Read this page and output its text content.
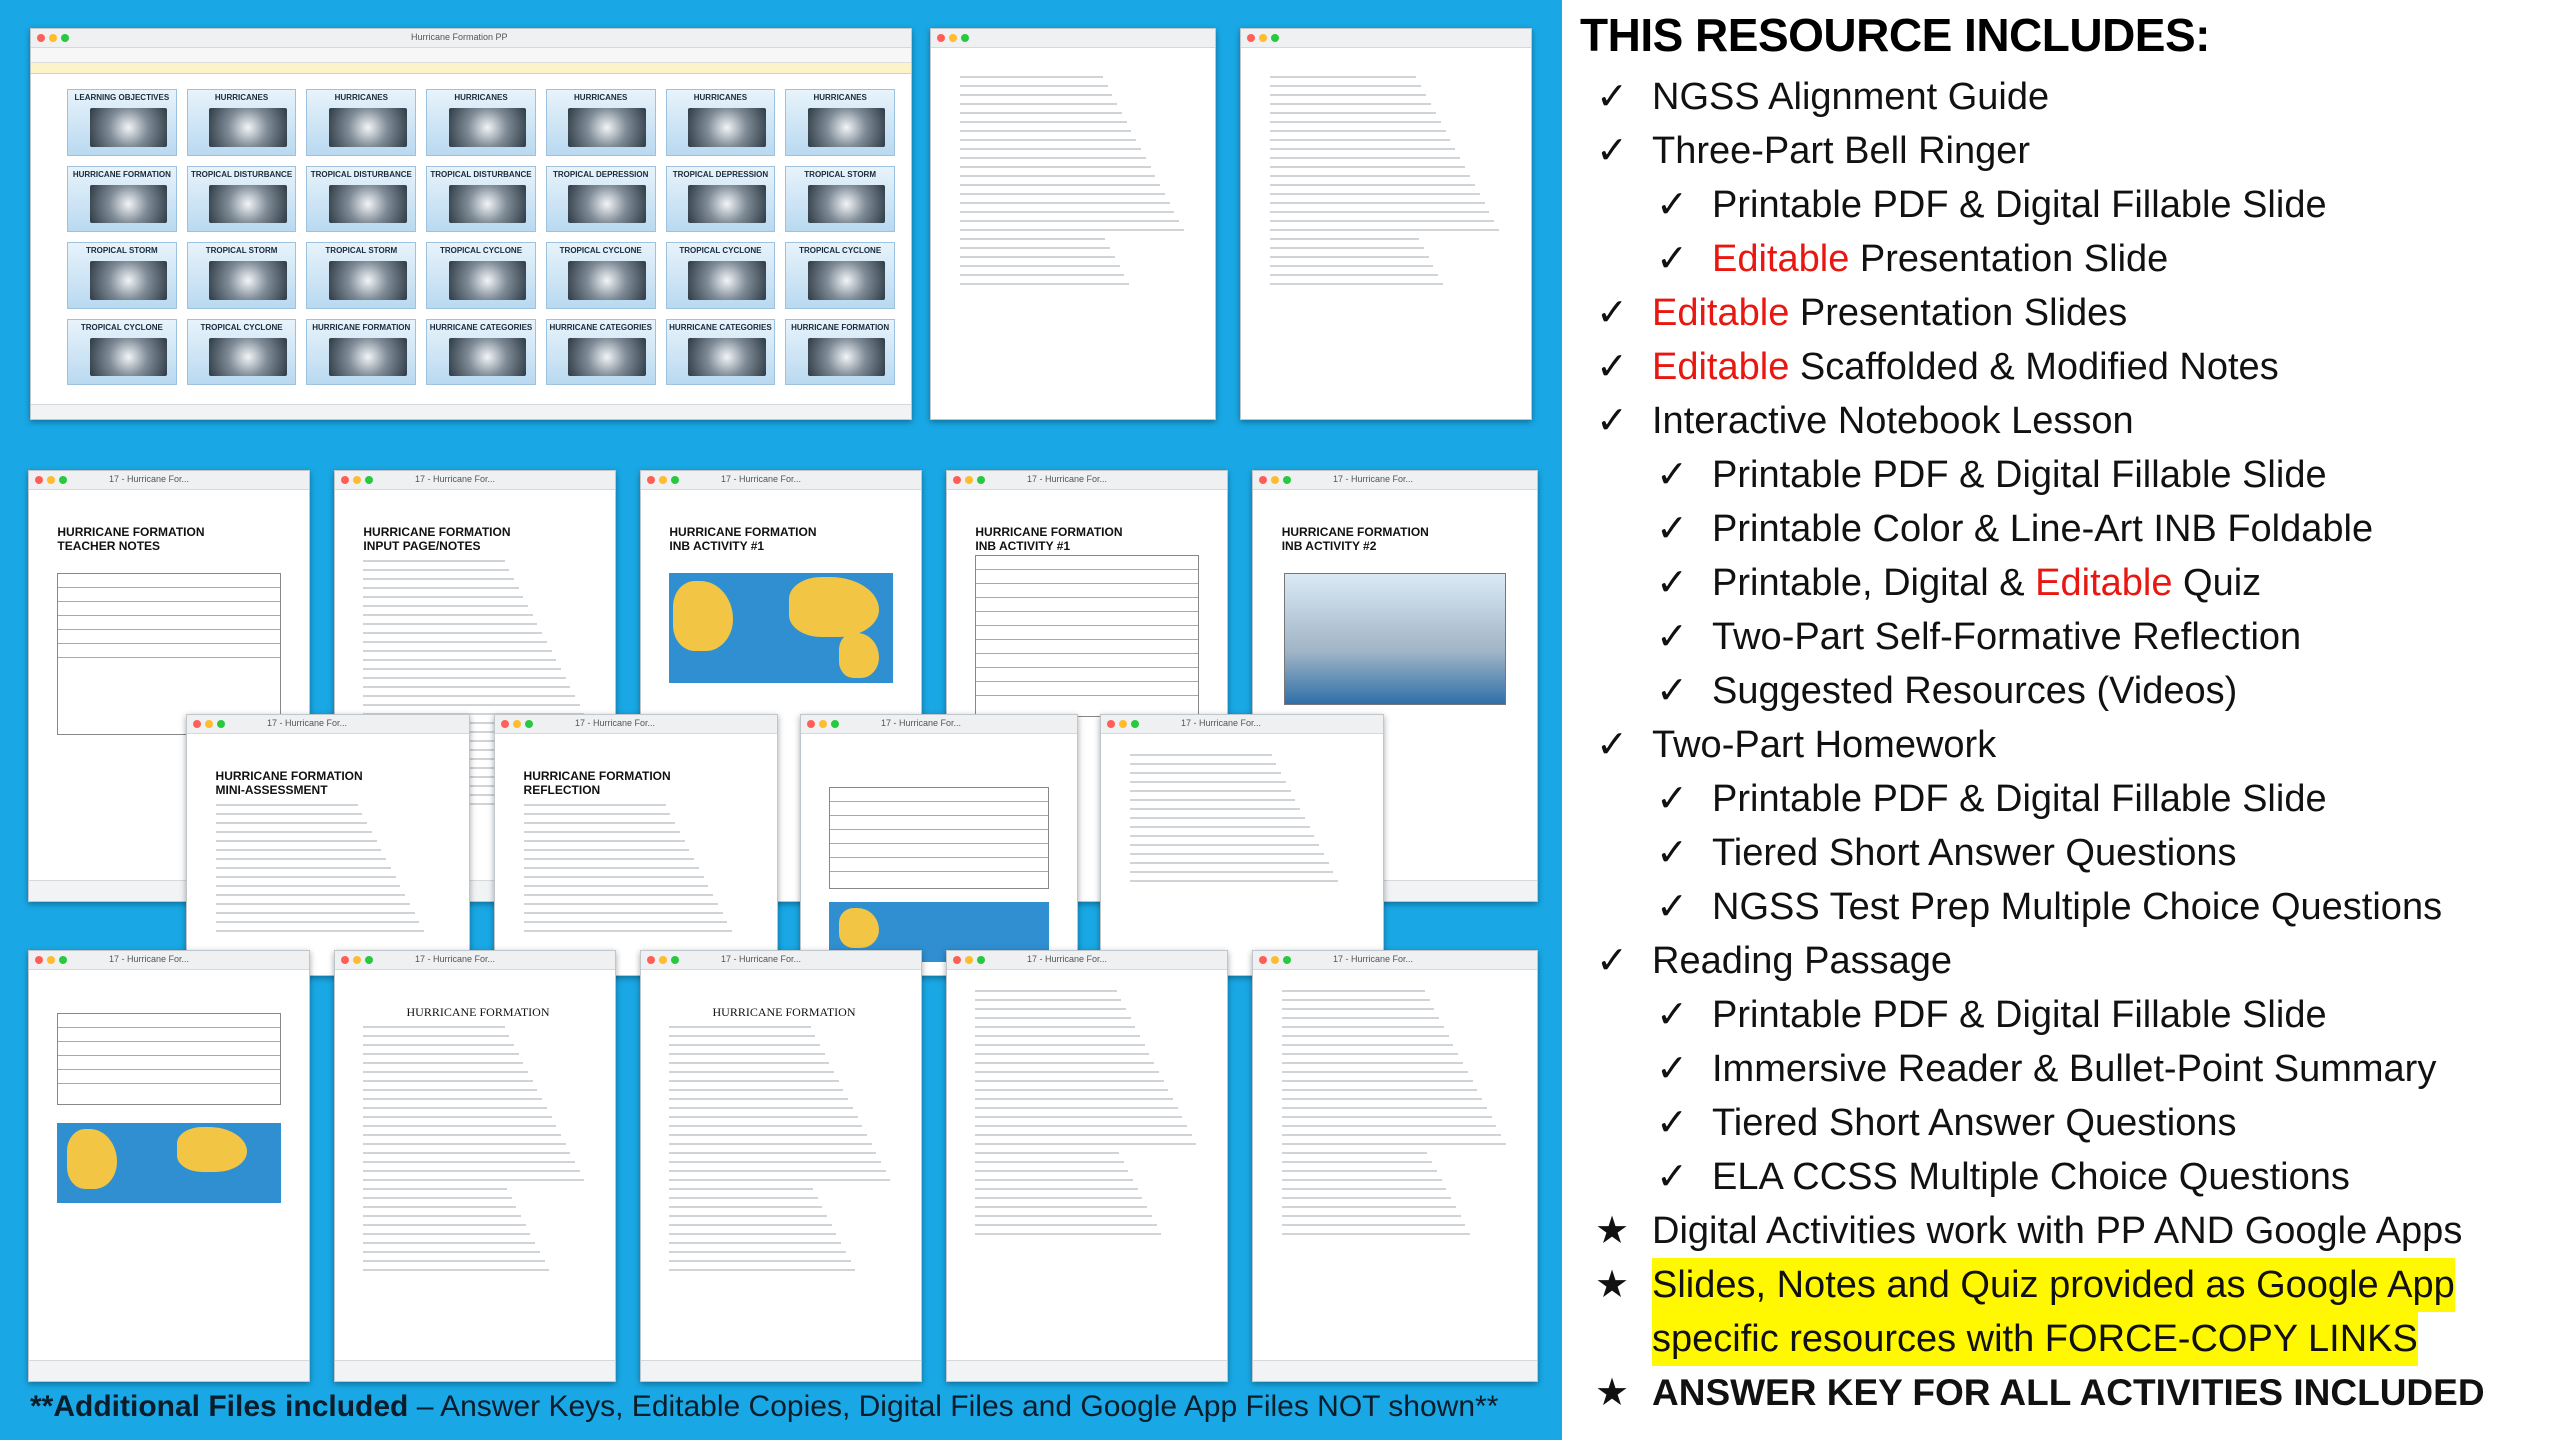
Hurricane Formation PP
LEARNING OBJECTIVES	HURRICANES	HURRICANES	HURRICANES	HURRICANES	HURRICANES	HURRICANES
HURRICANE FORMATION	TROPICAL DISTURBANCE	TROPICAL DISTURBANCE	TROPICAL DISTURBANCE	TROPICAL DEPRESSION	TROPICAL DEPRESSION	TROPICAL STORM
TROPICAL STORM	TROPICAL STORM	TROPICAL STORM	TROPICAL CYCLONE	TROPICAL CYCLONE	TROPICAL CYCLONE	TROPICAL CYCLONE
TROPICAL CYCLONE	TROPICAL CYCLONE	HURRICANE FORMATION	HURRICANE CATEGORIES	HURRICANE CATEGORIES	HURRICANE CATEGORIES	HURRICANE FORMATION
17 - Hurricane For...
HURRICANE FORMATION
TEACHER NOTES
17 - Hurricane For...
HURRICANE FORMATION
INPUT PAGE/NOTES
17 - Hurricane For...
HURRICANE FORMATION
INB ACTIVITY #1
17 - Hurricane For...
HURRICANE FORMATION
INB ACTIVITY #1
17 - Hurricane For...
HURRICANE FORMATION
INB ACTIVITY #2
17 - Hurricane For...
HURRICANE FORMATION
MINI-ASSESSMENT
17 - Hurricane For...
HURRICANE FORMATION
REFLECTION
17 - Hurricane For...	17 - Hurricane For...
17 - Hurricane For...	17 - Hurricane For...
HURRICANE FORMATION
17 - Hurricane For...
HURRICANE FORMATION
17 - Hurricane For...	17 - Hurricane For...
**Additional Files included – Answer Keys, Editable Copies, Digital Files and Google App Files NOT shown**
THIS RESOURCE INCLUDES:
✓ NGSS Alignment Guide
✓ Three-Part Bell Ringer
✓ Printable PDF & Digital Fillable Slide
✓ Editable Presentation Slide
✓ Editable Presentation Slides
✓ Editable Scaffolded & Modified Notes
✓ Interactive Notebook Lesson
✓ Printable PDF & Digital Fillable Slide
✓ Printable Color & Line-Art INB Foldable
✓ Printable, Digital & Editable Quiz
✓ Two-Part Self-Formative Reflection
✓ Suggested Resources (Videos)
✓ Two-Part Homework
✓ Printable PDF & Digital Fillable Slide
✓ Tiered Short Answer Questions
✓ NGSS Test Prep Multiple Choice Questions
✓ Reading Passage
✓ Printable PDF & Digital Fillable Slide
✓ Immersive Reader & Bullet-Point Summary
✓ Tiered Short Answer Questions
✓ ELA CCSS Multiple Choice Questions
★ Digital Activities work with PP AND Google Apps
★ Slides, Notes and Quiz provided as Google App
specific resources with FORCE-COPY LINKS
★ ANSWER KEY FOR ALL ACTIVITIES INCLUDED
